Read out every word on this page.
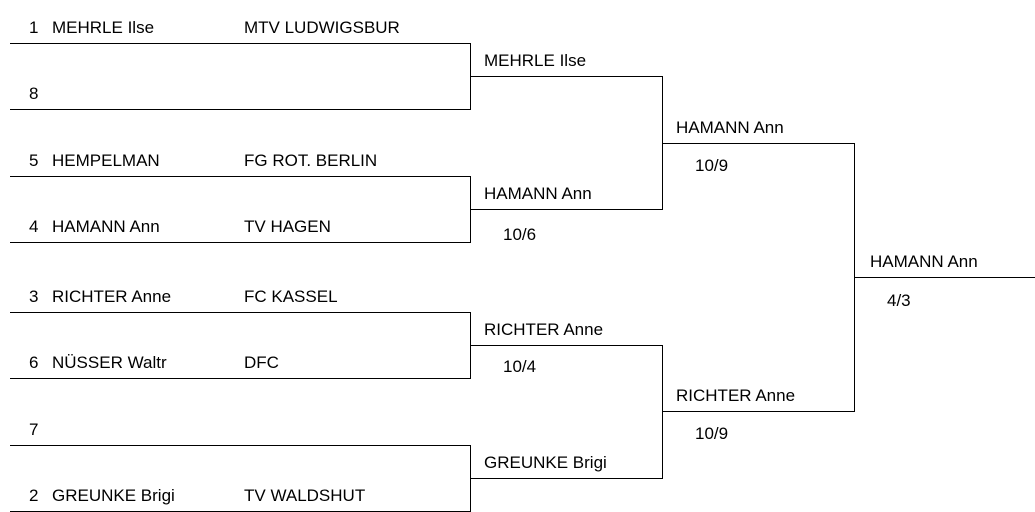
1 MEHRLE Ilse	MTV LUDWIGSBUR
8
5 HEMPELMAN	FG ROT. BERLIN
4 HAMANN Ann	TV HAGEN
3 RICHTER Anne	FC KASSEL
6 NÜSSER Waltr	DFC
7
2 GREUNKE Brigi	TV WALDSHUT
MEHRLE Ilse
HAMANN Ann
10/6
RICHTER Anne
10/4
GREUNKE Brigi
HAMANN Ann
10/9
RICHTER Anne
10/9
HAMANN Ann
4/3
